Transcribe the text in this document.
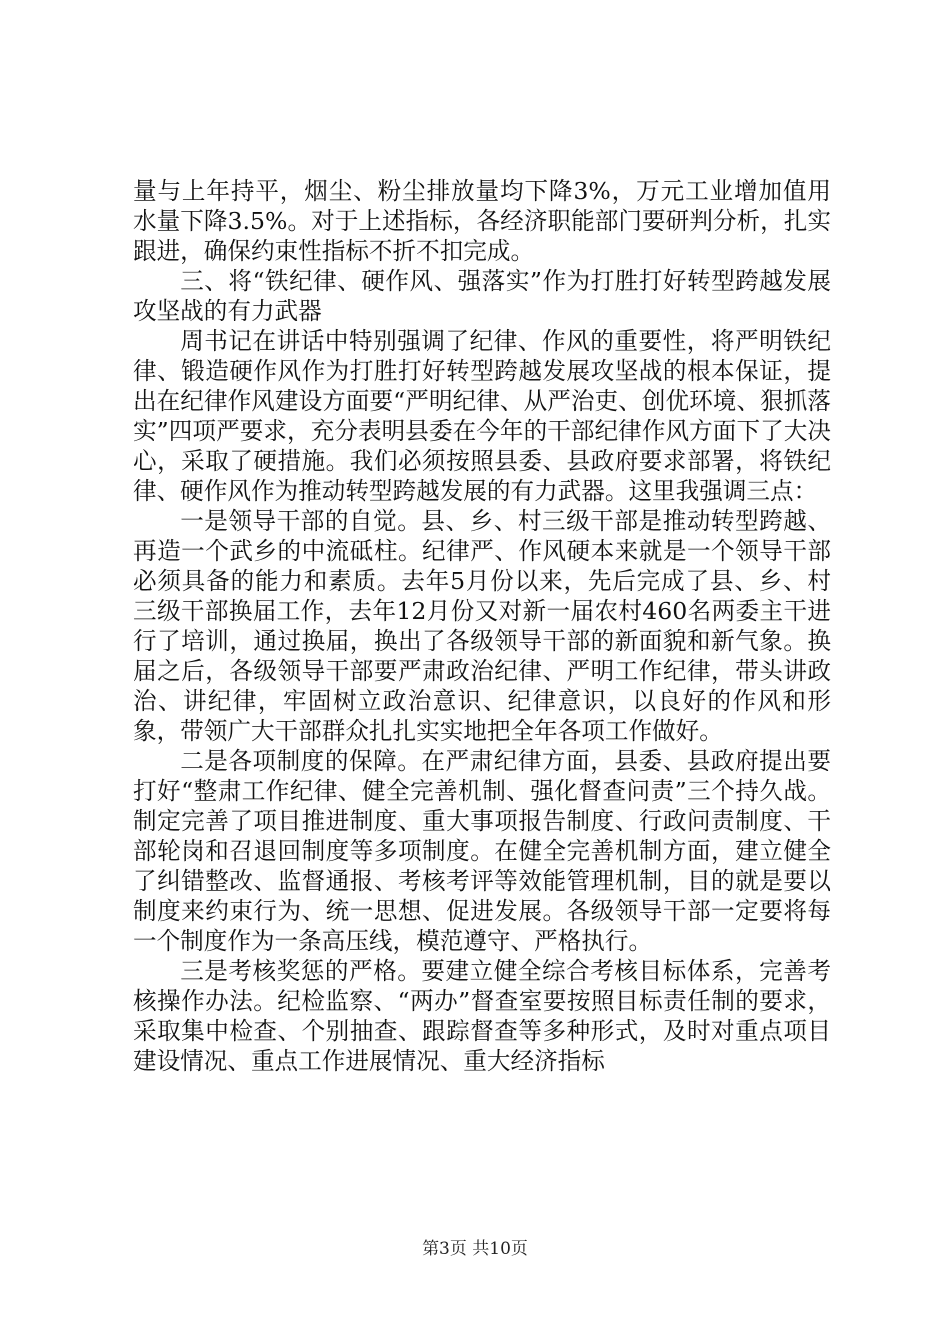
量与上年持平，烟尘、粉尘排放量均下降3%，万元工业增加值用水量下降3.5%。对于上述指标，各经济职能部门要研判分析，扎实跟进，确保约束性指标不折不扣完成。

三、将“铁纪律、硬作风、强落实”作为打胜打好转型跨越发展攻坚战的有力武器

周书记在讲话中特别强调了纪律、作风的重要性，将严明铁纪律、锻造硬作风作为打胜打好转型跨越发展攻坚战的根本保证，提出在纪律作风建设方面要“严明纪律、从严治吏、创优环境、狠抓落实”四项严要求，充分表明县委在今年的干部纪律作风方面下了大决心，采取了硬措施。我们必须按照县委、县政府要求部署，将铁纪律、硬作风作为推动转型跨越发展的有力武器。这里我强调三点：

一是领导干部的自觉。县、乡、村三级干部是推动转型跨越、再造一个武乡的中流砥柱。纪律严、作风硬本来就是一个领导干部必须具备的能力和素质。去年5月份以来，先后完成了县、乡、村三级干部换届工作，去年12月份又对新一届农村460名两委主干进行了培训，通过换届，换出了各级领导干部的新面貌和新气象。换届之后，各级领导干部要严肃政治纪律、严明工作纪律，带头讲政治、讲纪律，牢固树立政治意识、纪律意识，以良好的作风和形象，带领广大干部群众扎扎实实地把全年各项工作做好。

二是各项制度的保障。在严肃纪律方面，县委、县政府提出要打好“整肃工作纪律、健全完善机制、强化督查问责”三个持久战。制定完善了项目推进制度、重大事项报告制度、行政问责制度、干部轮岗和召退回制度等多项制度。在健全完善机制方面，建立健全了纠错整改、监督通报、考核考评等效能管理机制，目的就是要以制度来约束行为、统一思想、促进发展。各级领导干部一定要将每一个制度作为一条高压线，模范遵守、严格执行。

三是考核奖惩的严格。要建立健全综合考核目标体系，完善考核操作办法。纪检监察、“两办”督查室要按照目标责任制的要求，采取集中检查、个别抽查、跟踪督查等多种形式，及时对重点项目建设情况、重点工作进展情况、重大经济指标

第3页 共10页
